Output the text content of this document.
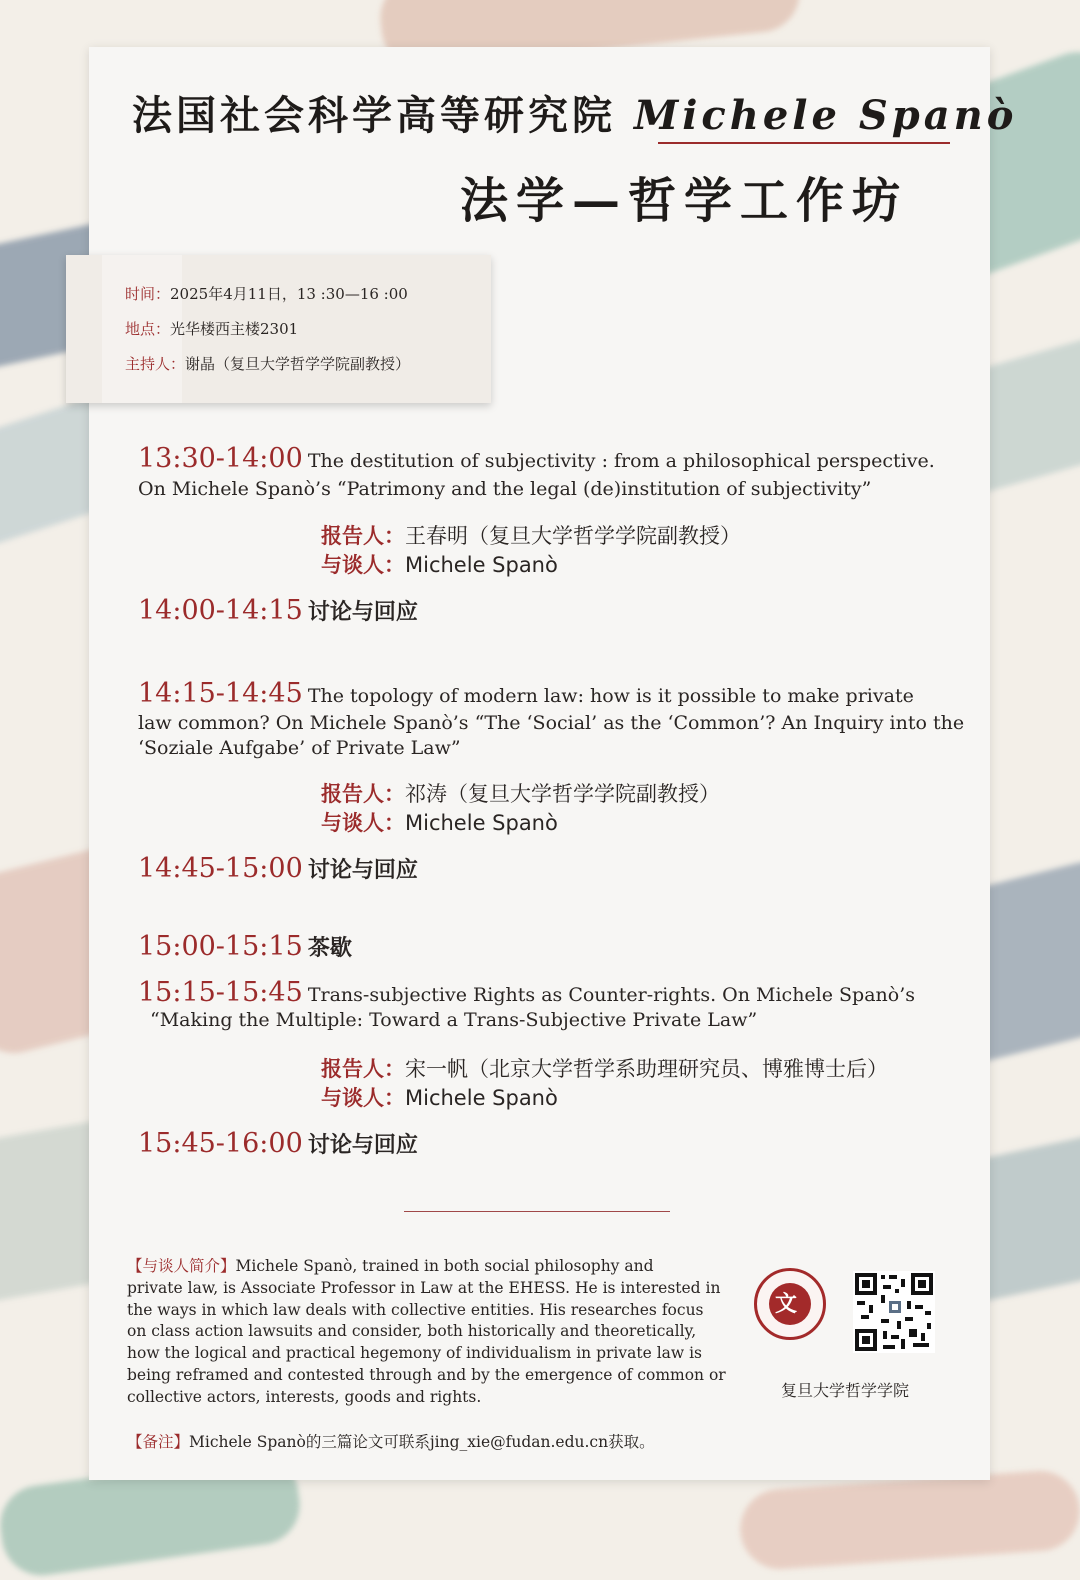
法国社会科学高等研究院 Michele Spanò
法学—哲学工作坊
时间：2025年4月11日，13 :30—16 :00
地点：光华楼西主楼2301
主持人：谢晶（复旦大学哲学学院副教授）
13:30-14:00 The destitution of subjectivity : from a philosophical perspective.
On Michele Spanò’s “Patrimony and the legal (de)institution of subjectivity”
报告人：王春明（复旦大学哲学学院副教授）
与谈人：Michele Spanò
14:00-14:15 讨论与回应
14:15-14:45 The topology of modern law: how is it possible to make private
law common? On Michele Spanò’s “The ‘Social’ as the ‘Common’? An Inquiry into the
‘Soziale Aufgabe’ of Private Law”
报告人：祁涛（复旦大学哲学学院副教授）
与谈人：Michele Spanò
14:45-15:00 讨论与回应
15:00-15:15 茶歇
15:15-15:45 Trans-subjective Rights as Counter-rights. On Michele Spanò’s
“Making the Multiple: Toward a Trans-Subjective Private Law”
报告人：宋一帆（北京大学哲学系助理研究员、博雅博士后）
与谈人：Michele Spanò
15:45-16:00 讨论与回应
【与谈人简介】Michele Spanò, trained in both social philosophy and
private law, is Associate Professor in Law at the EHESS. He is interested in
the ways in which law deals with collective entities. His researches focus
on class action lawsuits and consider, both historically and theoretically,
how the logical and practical hegemony of individualism in private law is
being reframed and contested through and by the emergence of common or
collective actors, interests, goods and rights.
【备注】Michele Spanò的三篇论文可联系jing_xie@fudan.edu.cn获取。
文
复旦大学哲学学院
